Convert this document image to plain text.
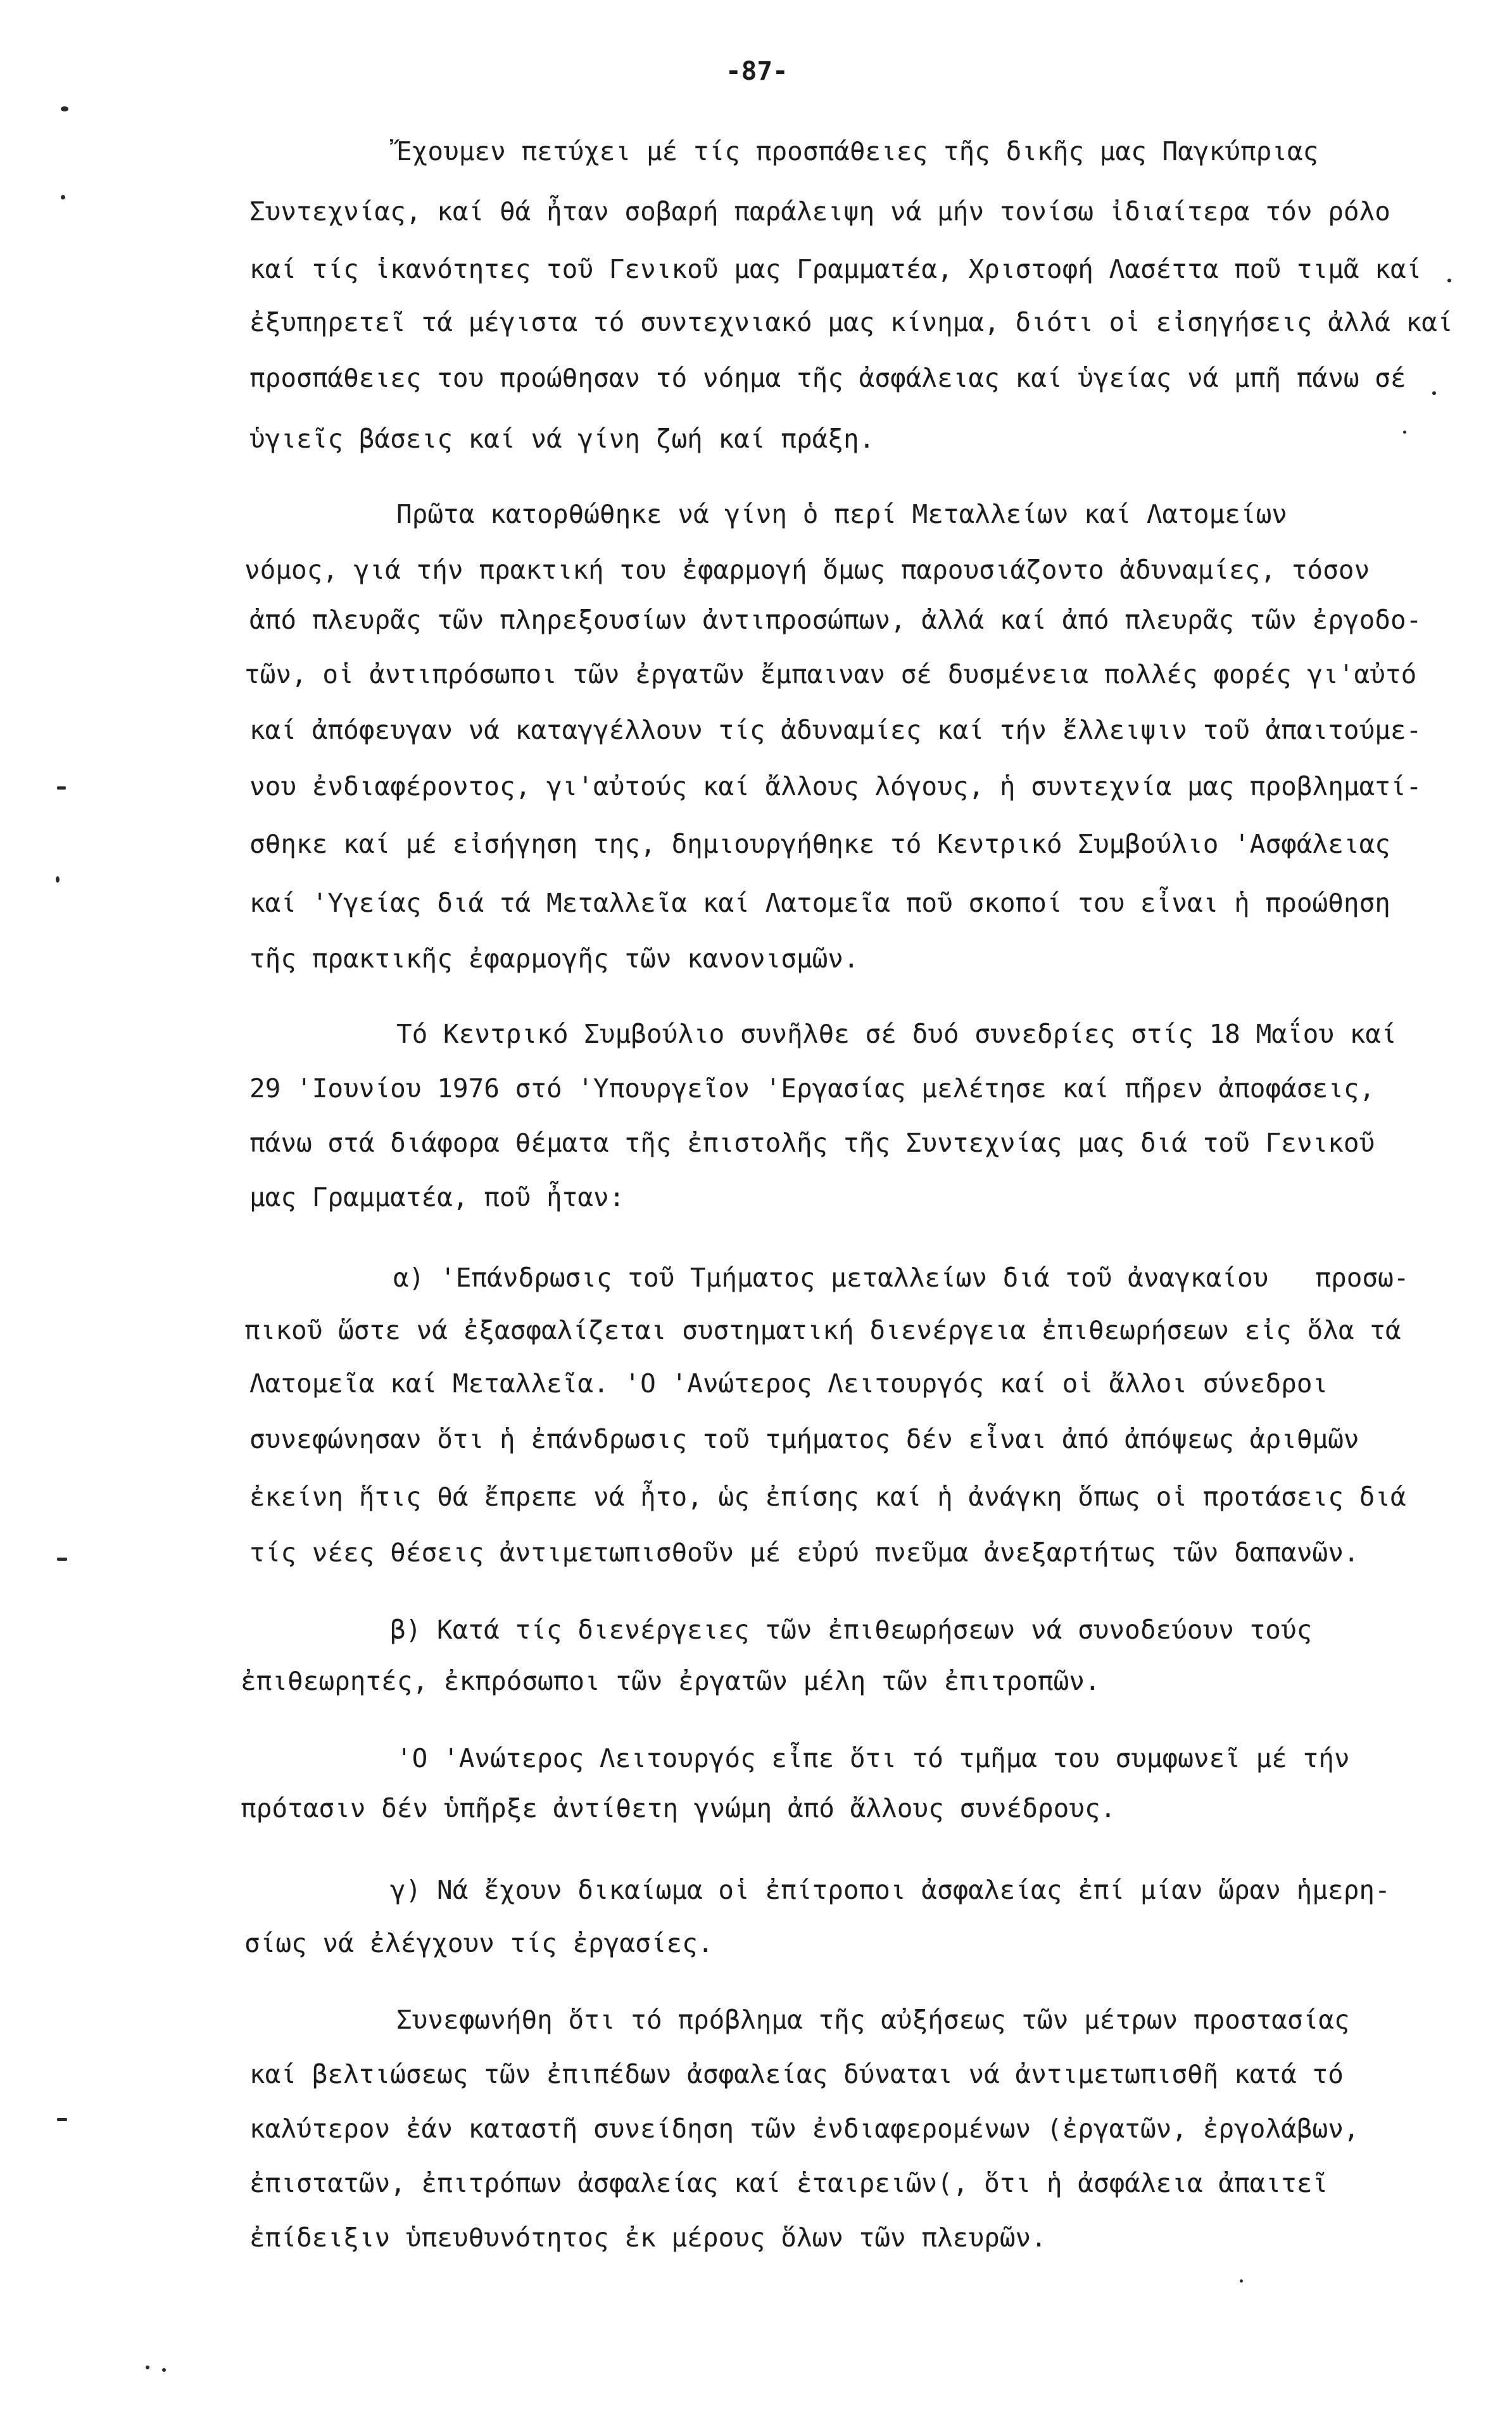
-87-
Ἔχουμεν πετύχει μέ τίς προσπάθειες τῆς δικῆς μας Παγκύπριας
Συντεχνίας, καί θά ἦταν σοβαρή παράλειψη νά μήν τονίσω ἰδιαίτερα τόν ρόλο
καί τίς ἱκανότητες τοῦ Γενικοῦ μας Γραμματέα, Χριστοφή Λασέττα ποῦ τιμᾶ καί
ἐξυπηρετεῖ τά μέγιστα τό συντεχνιακό μας κίνημα, διότι οἱ εἰσηγήσεις ἀλλά καί
προσπάθειες του προώθησαν τό νόημα τῆς ἀσφάλειας καί ὑγείας νά μπῆ πάνω σέ
ὑγιεῖς βάσεις καί νά γίνη ζωή καί πράξη.
Πρῶτα κατορθώθηκε νά γίνη ὁ περί Μεταλλείων καί Λατομείων
νόμος, γιά τήν πρακτική του ἐφαρμογή ὅμως παρουσιάζοντο ἀδυναμίες, τόσον
ἀπό πλευρᾶς τῶν πληρεξουσίων ἀντιπροσώπων, ἀλλά καί ἀπό πλευρᾶς τῶν ἐργοδο-
τῶν, οἱ ἀντιπρόσωποι τῶν ἐργατῶν ἔμπαιναν σέ δυσμένεια πολλές φορές γι'αὐτό
καί ἀπόφευγαν νά καταγγέλλουν τίς ἀδυναμίες καί τήν ἔλλειψιν τοῦ ἀπαιτούμε-
νου ἐνδιαφέροντος, γι'αὐτούς καί ἄλλους λόγους, ἡ συντεχνία μας προβληματί-
σθηκε καί μέ εἰσήγηση της, δημιουργήθηκε τό Κεντρικό Συμβούλιο 'Ασφάλειας
καί 'Υγείας διά τά Μεταλλεῖα καί Λατομεῖα ποῦ σκοποί του εἶναι ἡ προώθηση
τῆς πρακτικῆς ἐφαρμογῆς τῶν κανονισμῶν.
Τό Κεντρικό Συμβούλιο συνῆλθε σέ δυό συνεδρίες στίς 18 Μαΐου καί
29 'Ιουνίου 1976 στό 'Υπουργεῖον 'Εργασίας μελέτησε καί πῆρεν ἀποφάσεις,
πάνω στά διάφορα θέματα τῆς ἐπιστολῆς τῆς Συντεχνίας μας διά τοῦ Γενικοῦ
μας Γραμματέα, ποῦ ἦταν:
α) 'Επάνδρωσις τοῦ Τμήματος μεταλλείων διά τοῦ ἀναγκαίου   προσω-
πικοῦ ὥστε νά ἐξασφαλίζεται συστηματική διενέργεια ἐπιθεωρήσεων εἰς ὅλα τά
Λατομεῖα καί Μεταλλεῖα. 'Ο 'Ανώτερος Λειτουργός καί οἱ ἄλλοι σύνεδροι
συνεφώνησαν ὅτι ἡ ἐπάνδρωσις τοῦ τμήματος δέν εἶναι ἀπό ἀπόψεως ἀριθμῶν
ἐκείνη ἥτις θά ἔπρεπε νά ἦτο, ὡς ἐπίσης καί ἡ ἀνάγκη ὅπως οἱ προτάσεις διά
τίς νέες θέσεις ἀντιμετωπισθοῦν μέ εὐρύ πνεῦμα ἀνεξαρτήτως τῶν δαπανῶν.
β) Κατά τίς διενέργειες τῶν ἐπιθεωρήσεων νά συνοδεύουν τούς
ἐπιθεωρητές, ἐκπρόσωποι τῶν ἐργατῶν μέλη τῶν ἐπιτροπῶν.
'Ο 'Ανώτερος Λειτουργός εἶπε ὅτι τό τμῆμα του συμφωνεῖ μέ τήν
πρότασιν δέν ὑπῆρξε ἀντίθετη γνώμη ἀπό ἄλλους συνέδρους.
γ) Νά ἔχουν δικαίωμα οἱ ἐπίτροποι ἀσφαλείας ἐπί μίαν ὥραν ἡμερη-
σίως νά ἐλέγχουν τίς ἐργασίες.
Συνεφωνήθη ὅτι τό πρόβλημα τῆς αὐξήσεως τῶν μέτρων προστασίας
καί βελτιώσεως τῶν ἐπιπέδων ἀσφαλείας δύναται νά ἀντιμετωπισθῆ κατά τό
καλύτερον ἐάν καταστῆ συνείδηση τῶν ἐνδιαφερομένων (ἐργατῶν, ἐργολάβων,
ἐπιστατῶν, ἐπιτρόπων ἀσφαλείας καί ἑταιρειῶν(, ὅτι ἡ ἀσφάλεια ἀπαιτεῖ
ἐπίδειξιν ὑπευθυνότητος ἐκ μέρους ὅλων τῶν πλευρῶν.
